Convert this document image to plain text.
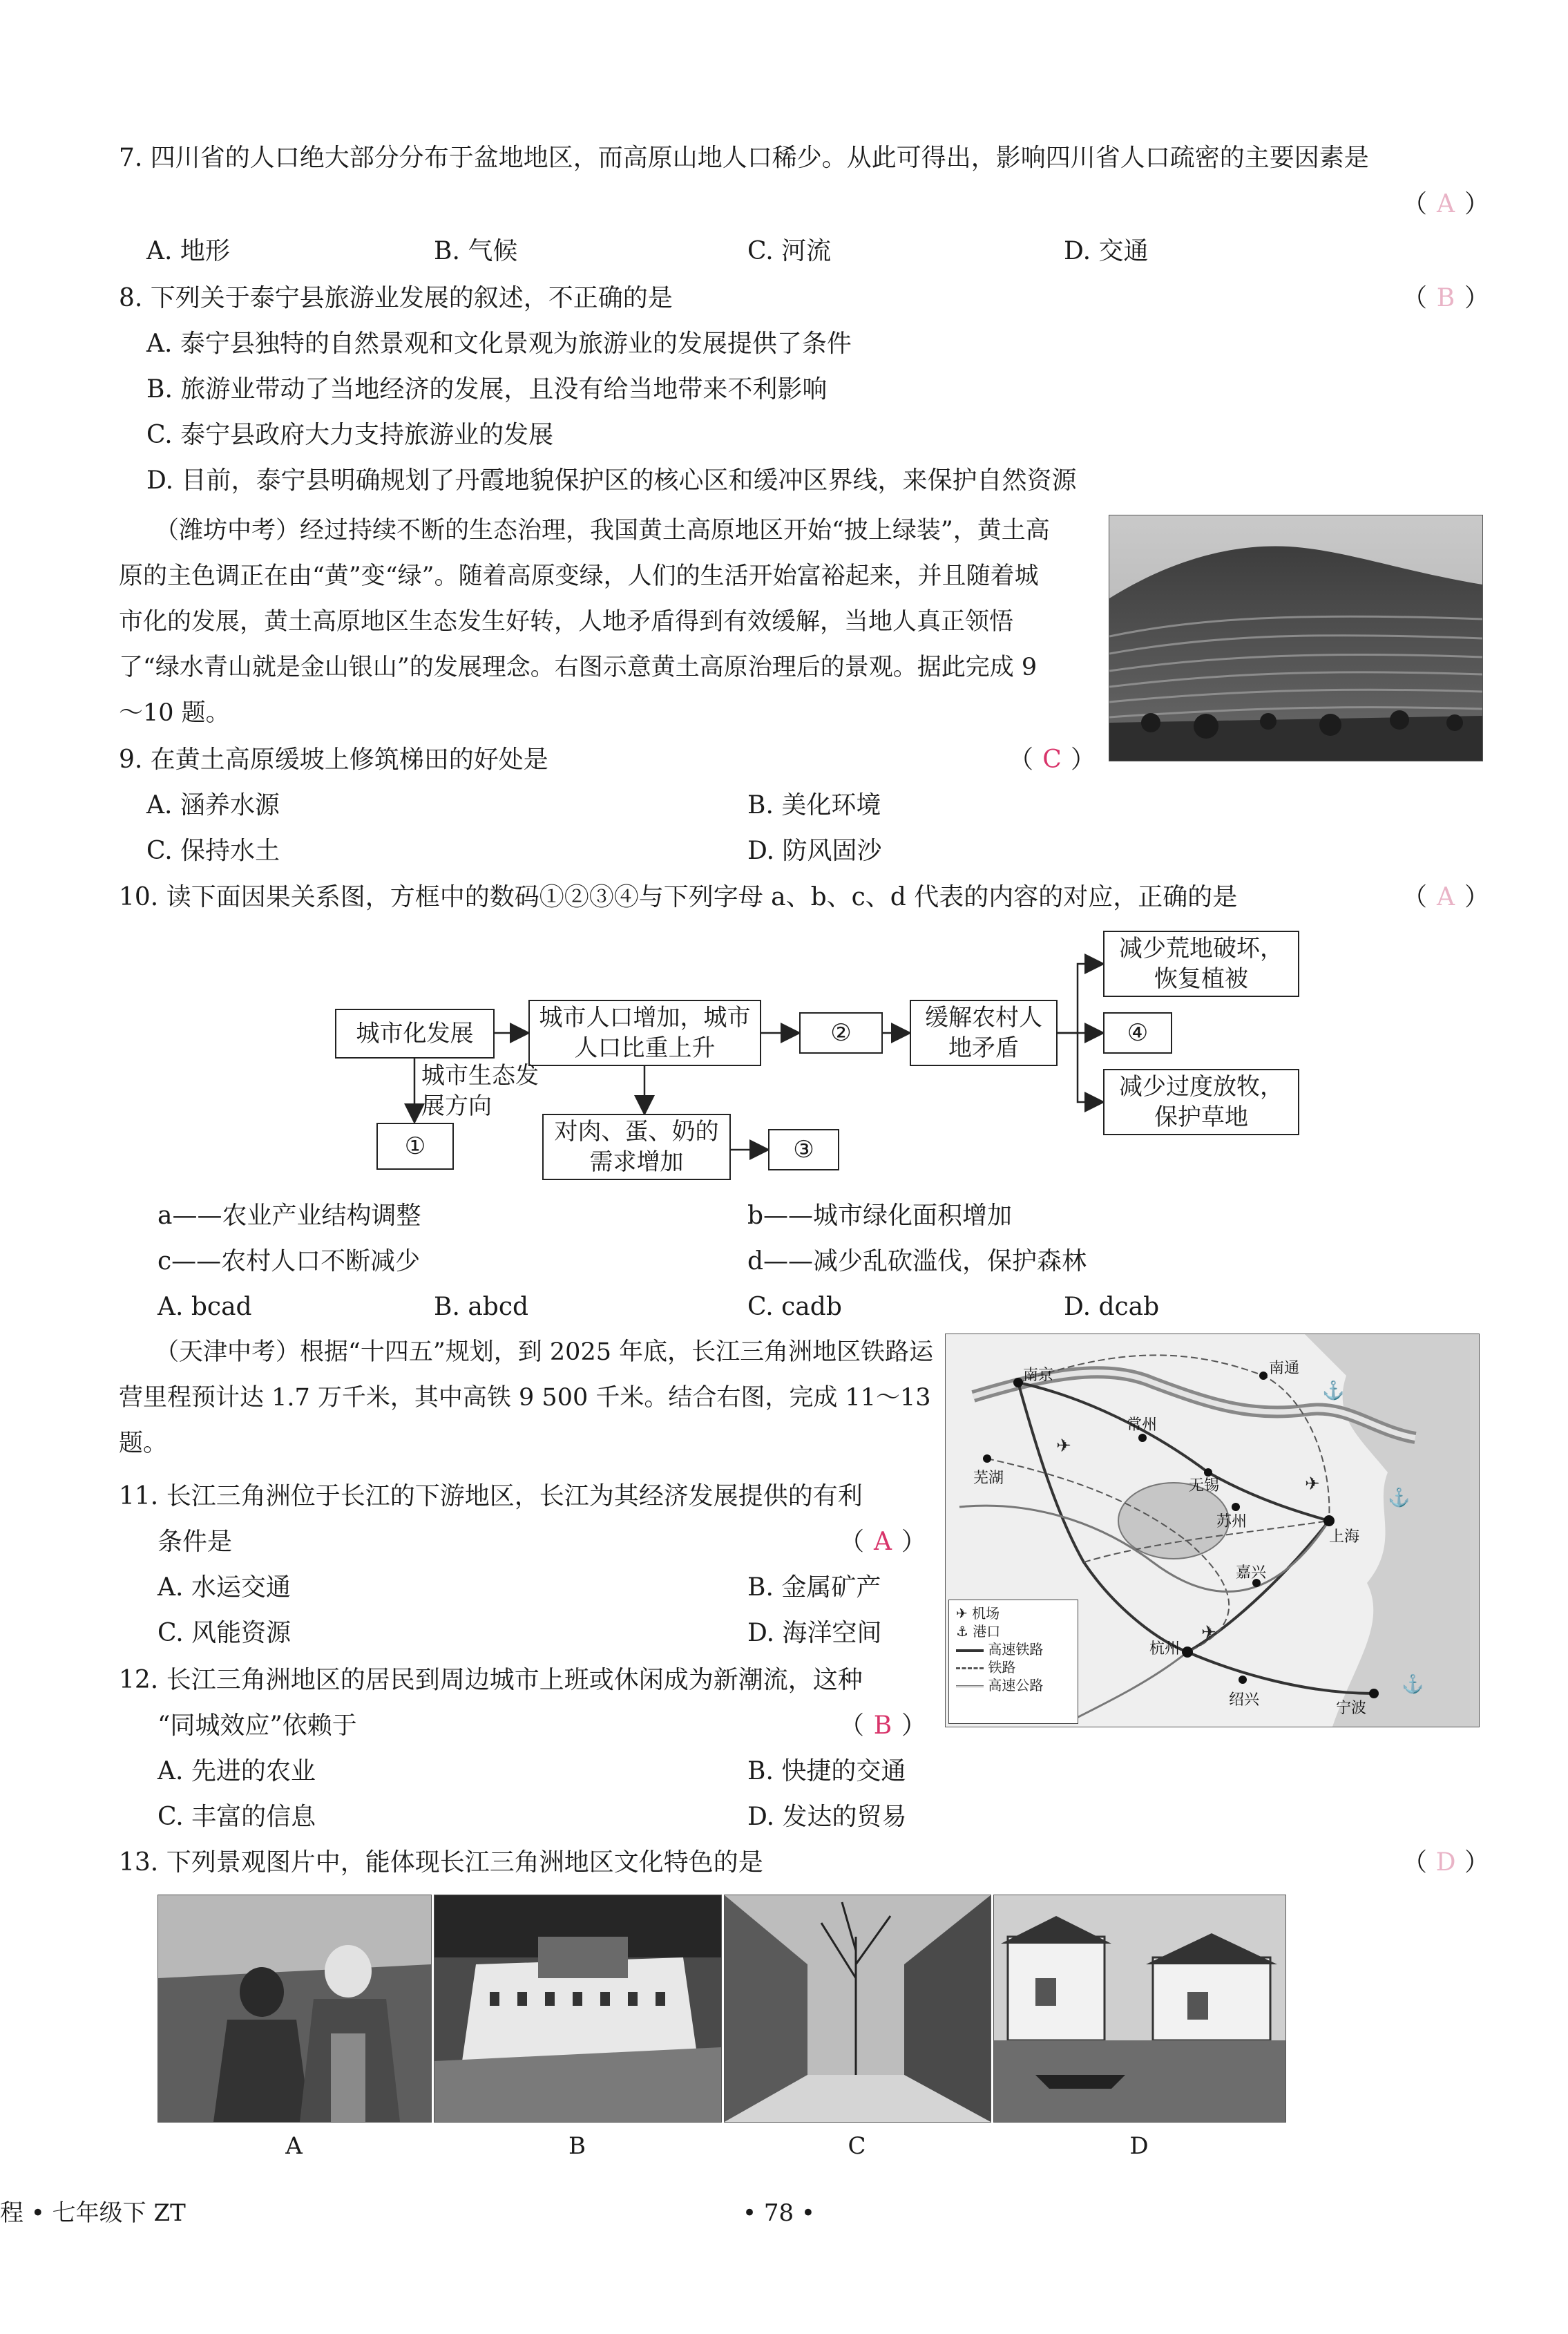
7. 四川省的人口绝大部分分布于盆地地区，而高原山地人口稀少。从此可得出，影响四川省人口疏密的主要因素是
（ A ）
A. 地形	B. 气候	C. 河流	D. 交通
8. 下列关于泰宁县旅游业发展的叙述，不正确的是	（ B ）
A. 泰宁县独特的自然景观和文化景观为旅游业的发展提供了条件
B. 旅游业带动了当地经济的发展，且没有给当地带来不利影响
C. 泰宁县政府大力支持旅游业的发展
D. 目前，泰宁县明确规划了丹霞地貌保护区的核心区和缓冲区界线，来保护自然资源
（潍坊中考）经过持续不断的生态治理，我国黄土高原地区开始“披上绿装”，黄土高原的主色调正在由“黄”变“绿”。随着高原变绿，人们的生活开始富裕起来，并且随着城市化的发展，黄土高原地区生态发生好转，人地矛盾得到有效缓解，当地人真正领悟了“绿水青山就是金山银山”的发展理念。右图示意黄土高原治理后的景观。据此完成 9～10 题。
9. 在黄土高原缓坡上修筑梯田的好处是	（ C ）
A. 涵养水源	B. 美化环境
C. 保持水土	D. 防风固沙
10. 读下面因果关系图，方框中的数码①②③④与下列字母 a、b、c、d 代表的内容的对应，正确的是	（ A ）
城市化发展
城市人口增加，城市人口比重上升
②
缓解农村人地矛盾
减少荒地破坏，恢复植被
④
减少过度放牧，保护草地
城市生态发展方向
①
对肉、蛋、奶的需求增加	③
a——农业产业结构调整	b——城市绿化面积增加
c——农村人口不断减少	d——减少乱砍滥伐，保护森林
A. bcad	B. abcd	C. cadb	D. dcab
（天津中考）根据“十四五”规划，到 2025 年底，长江三角洲地区铁路运营里程预计达 1.7 万千米，其中高铁 9 500 千米。结合右图，完成 11～13 题。
南京	南通
常州
芜湖	无锡
苏州
上海
嘉兴
杭州
绍兴	宁波
✈
✈
✈
⚓
⚓
⚓
✈ 机场
⚓ 港口
高速铁路
铁路
高速公路
11. 长江三角洲位于长江的下游地区，长江为其经济发展提供的有利
条件是	（ A ）
A. 水运交通	B. 金属矿产
C. 风能资源	D. 海洋空间
12. 长江三角洲地区的居民到周边城市上班或休闲成为新潮流，这种
“同城效应”依赖于	（ B ）
A. 先进的农业	B. 快捷的交通
C. 丰富的信息	D. 发达的贸易
13. 下列景观图片中，能体现长江三角洲地区文化特色的是	（ D ）
A	B	C	D
程 • 七年级下 ZT	• 78 •
